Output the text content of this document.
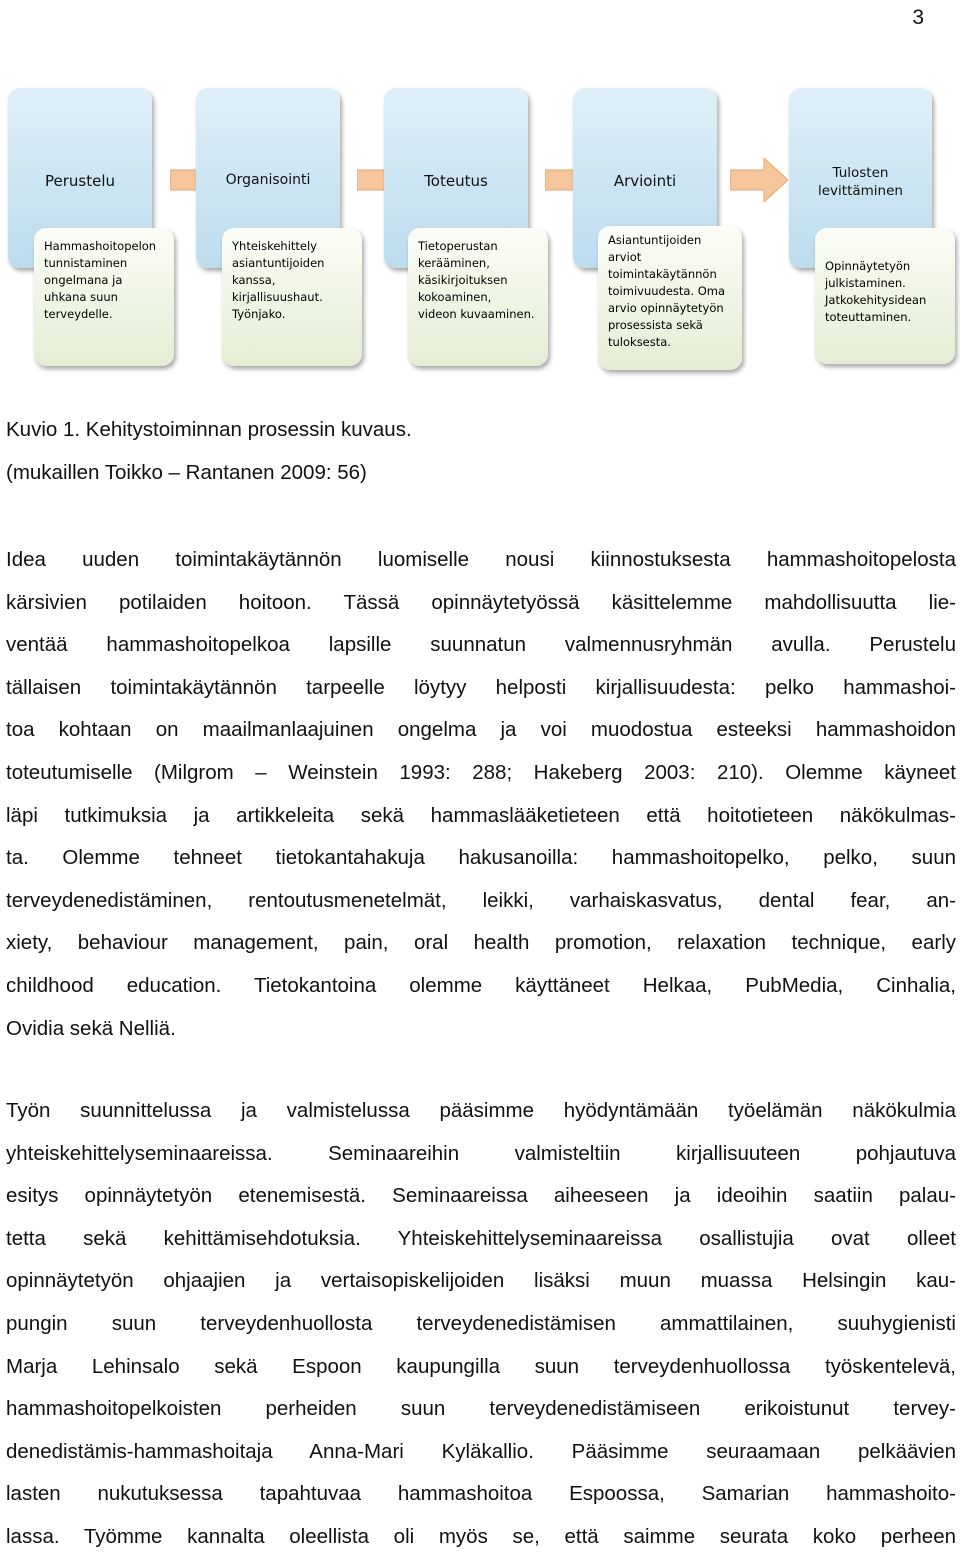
3
Perustelu
Hammashoitopelon
tunnistaminen
ongelmana ja
uhkana suun
terveydelle.
Organisointi
Yhteiskehittely
asiantuntijoiden
kanssa,
kirjallisuushaut.
Työnjako.
Toteutus
Tietoperustan
kerääminen,
käsikirjoituksen
kokoaminen,
videon kuvaaminen.
Arviointi
Asiantuntijoiden
arviot
toimintakäytännön
toimivuudesta. Oma
arvio opinnäytetyön
prosessista sekä
tuloksesta.
Tulosten
levittäminen
Opinnäytetyön
julkistaminen.
Jatkokehitysidean
toteuttaminen.
Kuvio 1. Kehitystoiminnan prosessin kuvaus.
(mukaillen Toikko – Rantanen 2009: 56)
Idea uuden toimintakäytännön luomiselle nousi kiinnostuksesta hammashoitopelosta
kärsivien potilaiden hoitoon. Tässä opinnäytetyössä käsittelemme mahdollisuutta lie-
ventää hammashoitopelkoa lapsille suunnatun valmennusryhmän avulla. Perustelu
tällaisen toimintakäytännön tarpeelle löytyy helposti kirjallisuudesta: pelko hammashoi-
toa kohtaan on maailmanlaajuinen ongelma ja voi muodostua esteeksi hammashoidon
toteutumiselle (Milgrom – Weinstein 1993: 288; Hakeberg 2003: 210). Olemme käyneet
läpi tutkimuksia ja artikkeleita sekä hammaslääketieteen että hoitotieteen näkökulmas-
ta. Olemme tehneet tietokantahakuja hakusanoilla: hammashoitopelko, pelko, suun
terveydenedistäminen, rentoutusmenetelmät, leikki, varhaiskasvatus, dental fear, an-
xiety, behaviour management, pain, oral health promotion, relaxation technique, early
childhood education. Tietokantoina olemme käyttäneet Helkaa, PubMedia, Cinhalia,
Ovidia sekä Nelliä.
Työn suunnittelussa ja valmistelussa pääsimme hyödyntämään työelämän näkökulmia
yhteiskehittelyseminaareissa. Seminaareihin valmisteltiin kirjallisuuteen pohjautuva
esitys opinnäytetyön etenemisestä. Seminaareissa aiheeseen ja ideoihin saatiin palau-
tetta sekä kehittämisehdotuksia. Yhteiskehittelyseminaareissa osallistujia ovat olleet
opinnäytetyön ohjaajien ja vertaisopiskelijoiden lisäksi muun muassa Helsingin kau-
pungin suun terveydenhuollosta terveydenedistämisen ammattilainen, suuhygienisti
Marja Lehinsalo sekä Espoon kaupungilla suun terveydenhuollossa työskentelevä,
hammashoitopelkoisten perheiden suun terveydenedistämiseen erikoistunut tervey-
denedistämis-hammashoitaja Anna-Mari Kyläkallio. Pääsimme seuraamaan pelkäävien
lasten nukutuksessa tapahtuvaa hammashoitoa Espoossa, Samarian hammashoito-
lassa. Työmme kannalta oleellista oli myös se, että saimme seurata koko perheen
